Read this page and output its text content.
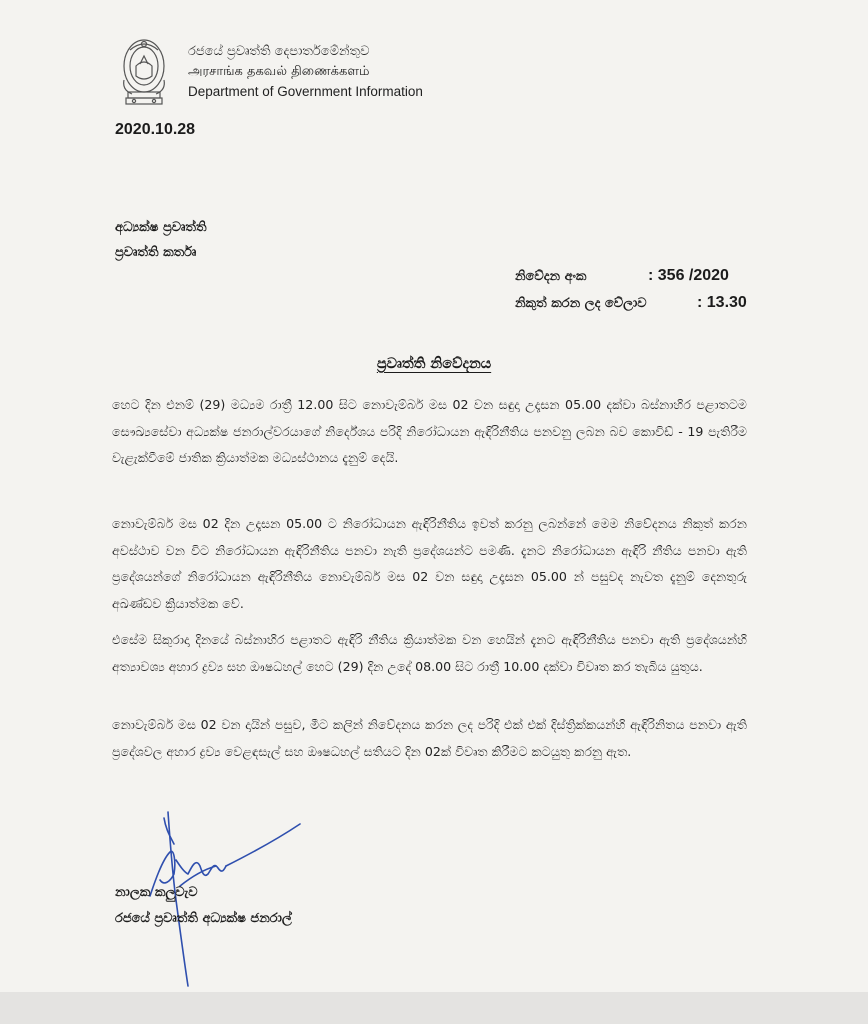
රජයේ ප්‍රවෘත්ති දෙපාර්තමේන්තුව
அரசாங்க தகவல் திணைக்களம்
Department of Government Information
2020.10.28
අධ්‍යක්ෂ ප්‍රවෘත්ති
ප්‍රවෘත්ති කර්තෘ
නිවේදන අංක	: 356 /2020
නිකුත් කරන ලද වේලාව	: 13.30
ප්‍රවෘත්ති නිවේදනය

හෙට දින එනම් (29) මධ්‍යම රාත්‍රී 12.00 සිට නොවැම්බර් මස 02 වන සඳුදා උදෑසන 05.00 දක්වා බස්නාහිර පළාතටම සෞඛ්‍යසේවා අධ්‍යක්ෂ ජනරාල්වරයාගේ නිර්දේශය පරිදි නිරෝධායන ඇඳිරිනීතිය පනවනු ලබන බව කොවිඩ් - 19 පැතිරීම වැළැක්වීමේ ජාතික ක්‍රියාත්මක මධ්‍යස්ථානය දැනුම් දෙයි.

නොවැම්බර් මස 02 දින උදෑසන 05.00 ට නිරෝධායන ඇඳිරිනීතිය ඉවත් කරනු ලබන්නේ මෙම නිවේදනය නිකුත් කරන අවස්ථාව වන විට නිරෝධායන ඇඳිරිනීතිය පනවා නැති ප්‍රදේශයන්ට පමණි. දැනට නිරෝධායන ඇඳිරි නීතිය පනවා ඇති ප්‍රදේශයන්ගේ නිරෝධායන ඇඳිරිනීතිය නොවැම්බර් මස 02 වන සඳුදා උදෑසන 05.00 න් පසුවද නැවත දැනුම් දෙනතුරු අඛණ්ඩව ක්‍රියාත්මක වේ.

එසේම සිකුරාදා දිනයේ බස්නාහිර පළාතට ඇඳිරි නීතිය ක්‍රියාත්මක වන හෙයින් දැනට ඇඳිරිනීතිය පනවා ඇති ප්‍රදේශයන්හි අත්‍යාවශ්‍ය අහාර ද්‍රව්‍ය සහ ඖෂධහල් හෙට (29) දින උදේ 08.00 සිට රාත්‍රී 10.00 දක්වා විවෘත කර තැබිය යුතුය.

නොවැම්බර් මස 02 වන දායින් පසුව, මීට කලින් නිවේදනය කරන ලද පරිදි එක් එක් දිස්ත්‍රික්කයන්හි ඇඳිරිනිතය පනවා ඇති ප්‍රදේශවල අහාර ද්‍රව්‍ය වෙළඳසැල් සහ ඖෂධහල් සතියට දින 02ක් විවෘත කිරීමට කටයුතු කරනු ඇත.

නාලක කලුවැව
රජයේ ප්‍රවෘත්ති අධ්‍යක්ෂ ජනරාල්
